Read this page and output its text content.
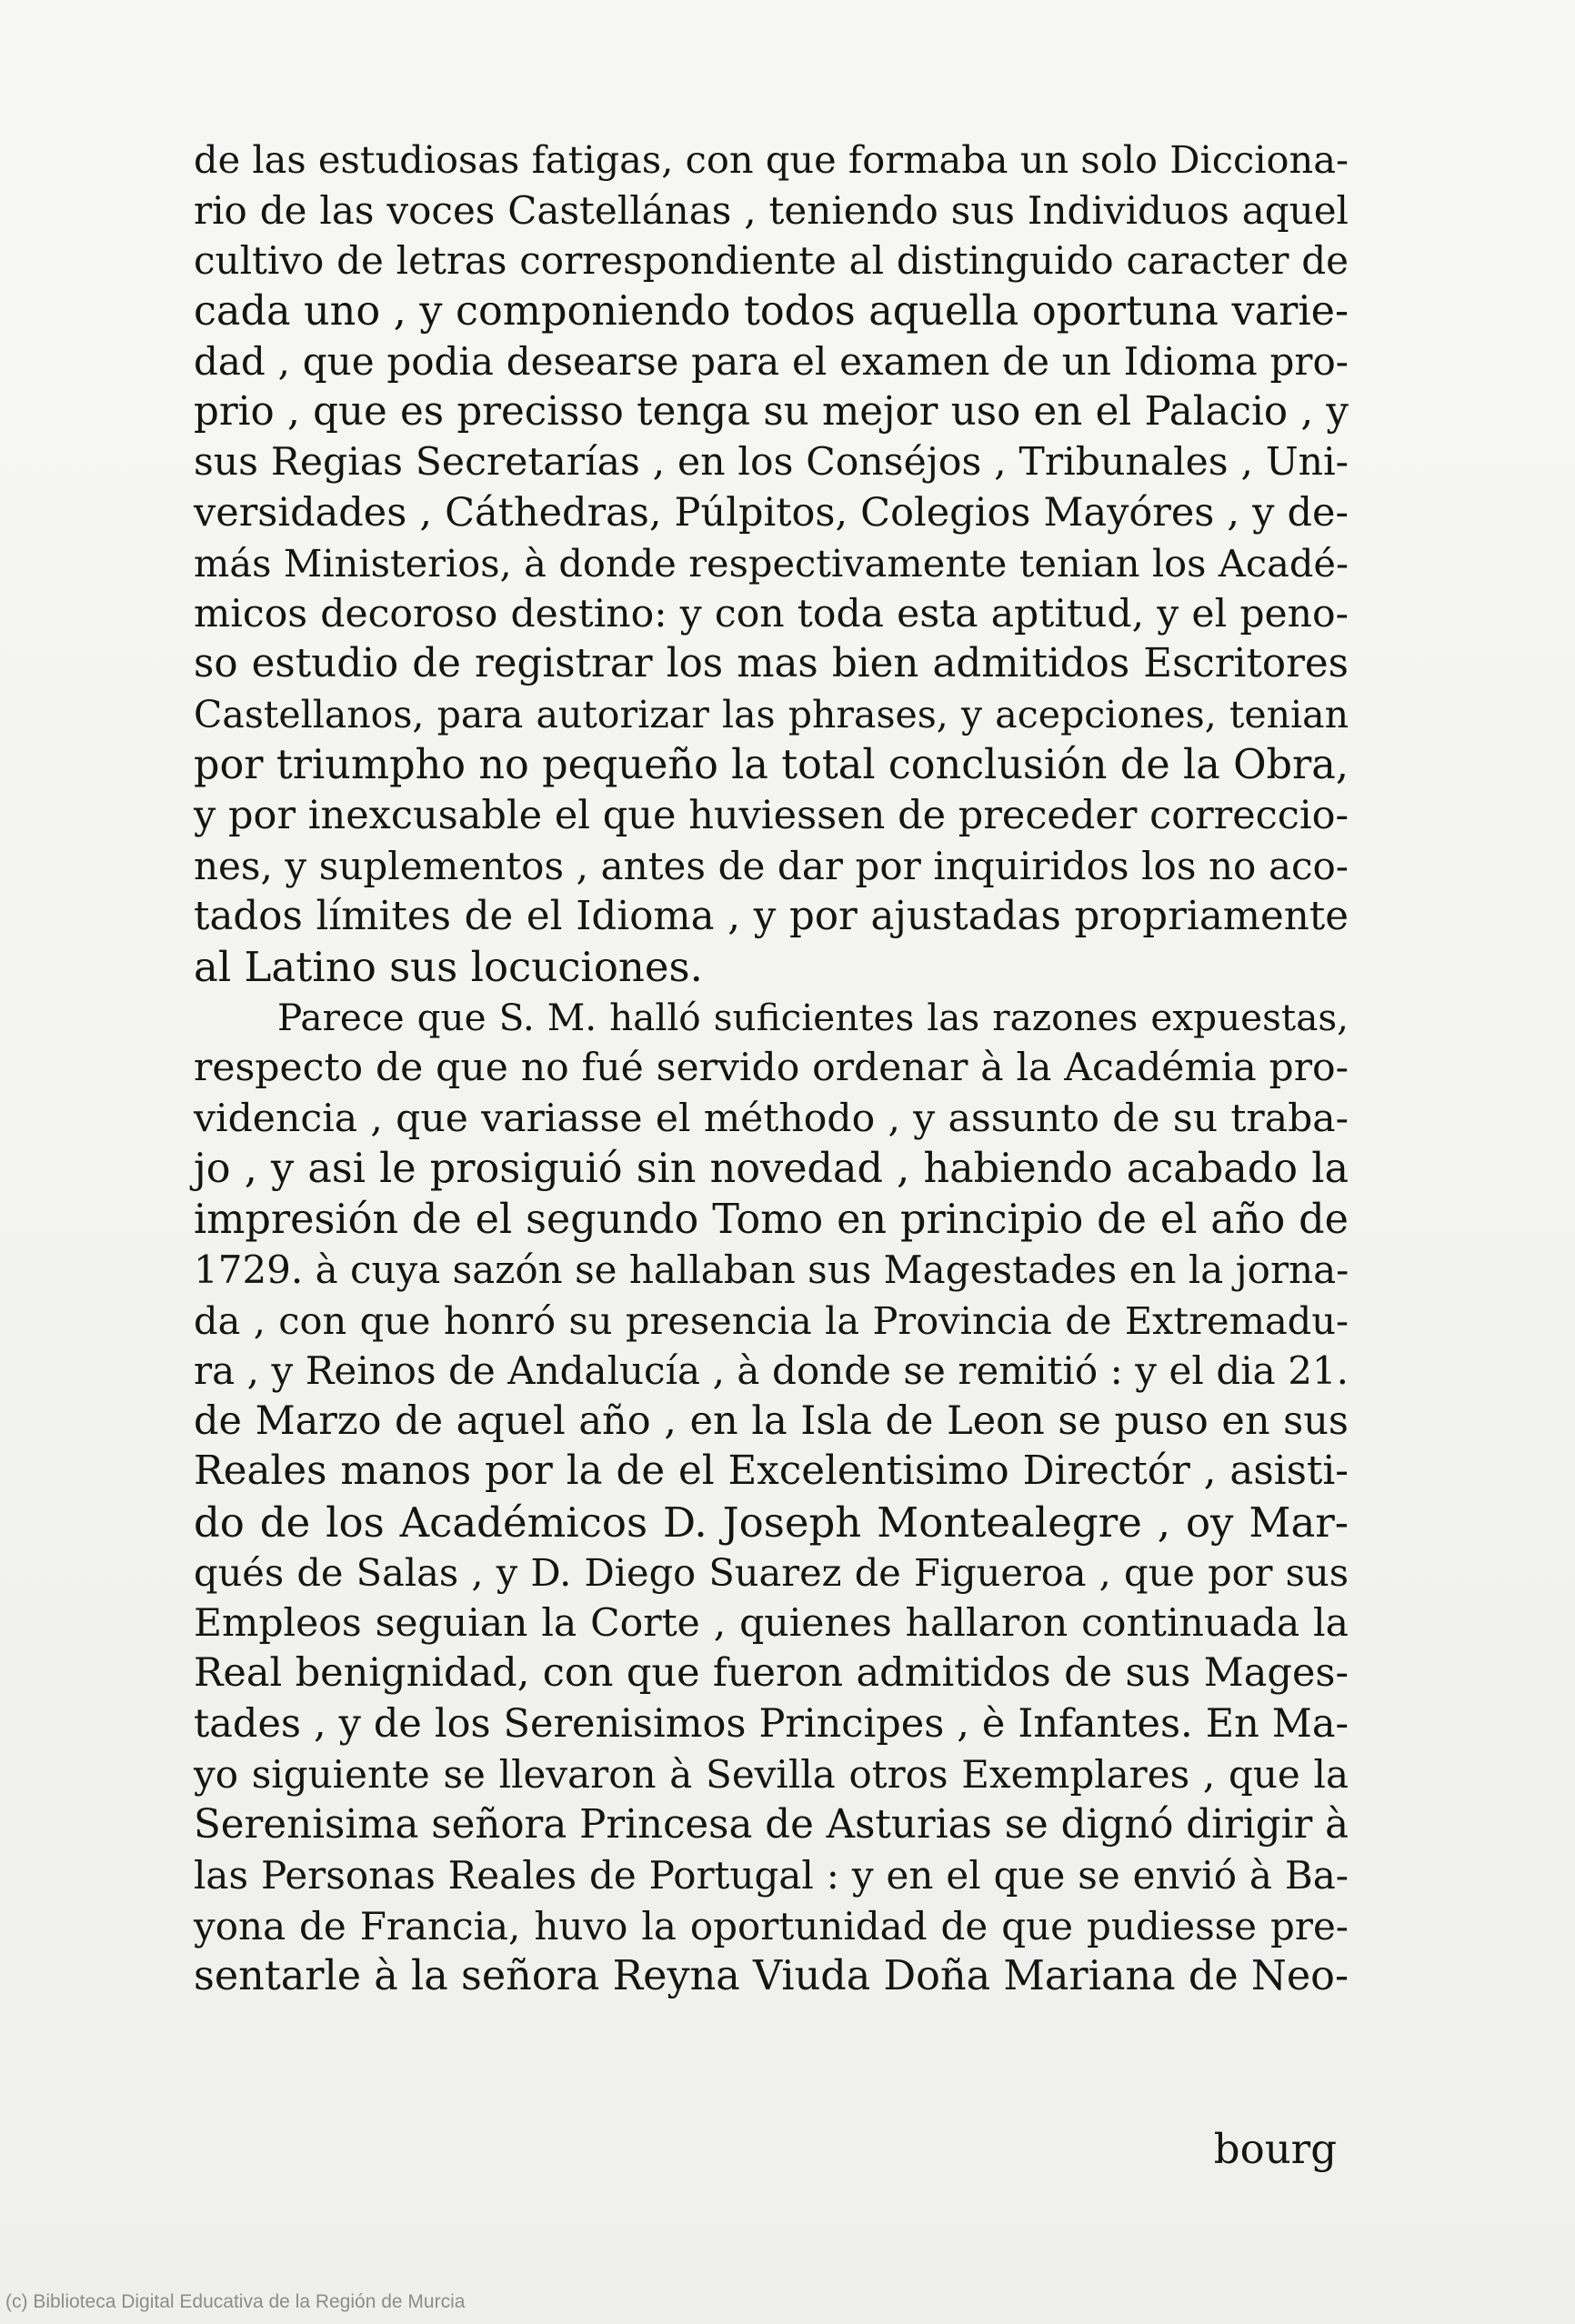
de las estudiosas fatigas, con que formaba un solo Dicciona-
rio de las voces Castellánas , teniendo sus Individuos aquel
cultivo de letras correspondiente al distinguido caracter de
cada uno , y componiendo todos aquella oportuna varie-
dad , que podia desearse para el examen de un Idioma pro-
prio , que es precisso tenga su mejor uso en el Palacio , y
sus Regias Secretarías , en los Conséjos , Tribunales , Uni-
versidades , Cáthedras, Púlpitos, Colegios Mayóres , y de-
más Ministerios, à donde respectivamente tenian los Acadé-
micos decoroso destino: y con toda esta aptitud, y el peno-
so estudio de registrar los mas bien admitidos Escritores
Castellanos, para autorizar las phrases, y acepciones, tenian
por triumpho no pequeño la total conclusión de la Obra,
y por inexcusable el que huviessen de preceder correccio-
nes, y suplementos , antes de dar por inquiridos los no aco-
tados límites de el Idioma , y por ajustadas propriamente
al Latino sus locuciones.
Parece que S. M. halló suficientes las razones expuestas,
respecto de que no fué servido ordenar à la Académia pro-
videncia , que variasse el méthodo , y assunto de su traba-
jo , y asi le prosiguió sin novedad , habiendo acabado la
impresión de el segundo Tomo en principio de el año de
1729. à cuya sazón se hallaban sus Magestades en la jorna-
da , con que honró su presencia la Provincia de Extremadu-
ra , y Reinos de Andalucía , à donde se remitió : y el dia 21.
de Marzo de aquel año , en la Isla de Leon se puso en sus
Reales manos por la de el Excelentisimo Directór , asisti-
do de los Académicos D. Joseph Montealegre , oy Mar-
qués de Salas , y D. Diego Suarez de Figueroa , que por sus
Empleos seguian la Corte , quienes hallaron continuada la
Real benignidad, con que fueron admitidos de sus Mages-
tades , y de los Serenisimos Principes , è Infantes. En Ma-
yo siguiente se llevaron à Sevilla otros Exemplares , que la
Serenisima señora Princesa de Asturias se dignó dirigir à
las Personas Reales de Portugal : y en el que se envió à Ba-
yona de Francia, huvo la oportunidad de que pudiesse pre-
sentarle à la señora Reyna Viuda Doña Mariana de Neo-
bourg
(c) Biblioteca Digital Educativa de la Región de Murcia
